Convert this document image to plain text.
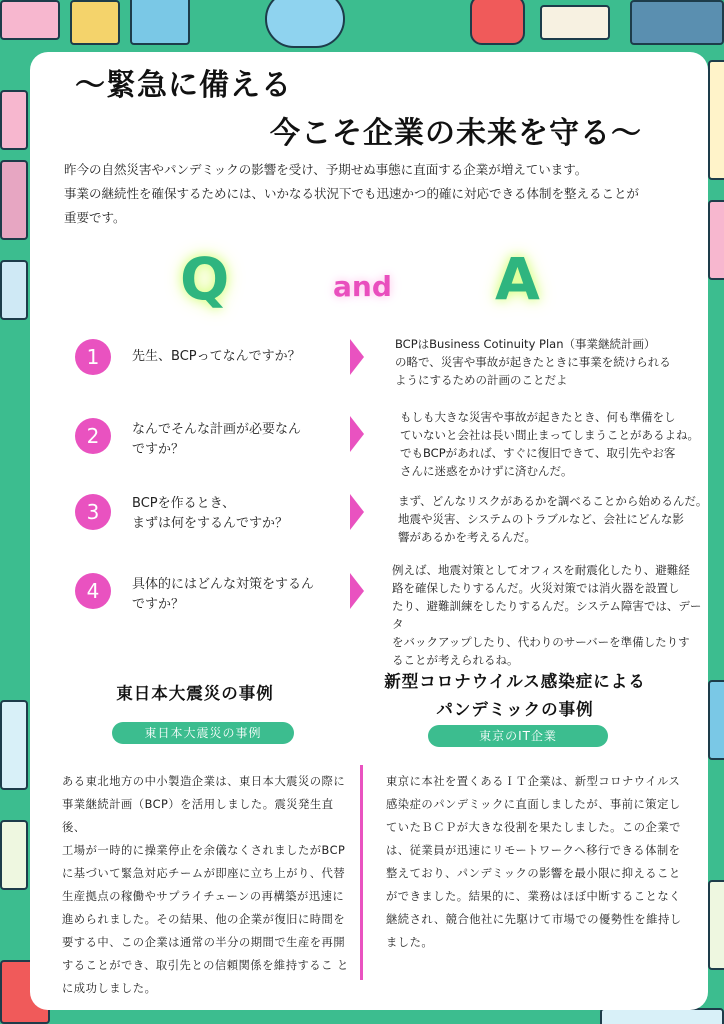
〜緊急に備える
今こそ企業の未来を守る〜
昨今の自然災害やパンデミックの影響を受け、予期せぬ事態に直面する企業が増えています。
事業の継続性を確保するためには、いかなる状況下でも迅速かつ的確に対応できる体制を整えることが
重要です。
Q	and A
1	先生、BCPってなんですか？
BCPはBusiness Cotinuity Plan（事業継続計画）
の略で、災害や事故が起きたときに事業を続けられる
ようにするための計画のことだよ
2	なんでそんな計画が必要なん
ですか？
もしも大きな災害や事故が起きたとき、何も準備をし
ていないと会社は長い間止まってしまうことがあるよね。
でもBCPがあれば、すぐに復旧できて、取引先やお客
さんに迷惑をかけずに済むんだ。
3	BCPを作るとき、
まずは何をするんですか？
まず、どんなリスクがあるかを調べることから始めるんだ。
地震や災害、システムのトラブルなど、会社にどんな影
響があるかを考えるんだ。
4	具体的にはどんな対策をするん
ですか？
例えば、地震対策としてオフィスを耐震化したり、避難経
路を確保したりするんだ。火災対策では消火器を設置し
たり、避難訓練をしたりするんだ。システム障害では、データ
をバックアップしたり、代わりのサーバーを準備したりす
ることが考えられるね。
東日本大震災の事例
東日本大震災の事例
新型コロナウイルス感染症による
パンデミックの事例
東京のIT企業
ある東北地方の中小製造企業は、東日本大震災の際に
事業継続計画（BCP）を活用しました。震災発生直後、
工場が一時的に操業停止を余儀なくされましたがBCP
に基づいて緊急対応チームが即座に立ち上がり、代替
生産拠点の稼働やサプライチェーンの再構築が迅速に
進められました。その結果、他の企業が復旧に時間を
要する中、この企業は通常の半分の期間で生産を再開
することができ、取引先との信頼関係を維持するこ と
に成功しました。
東京に本社を置くあるＩＴ企業は、新型コロナウイルス
感染症のパンデミックに直面しましたが、事前に策定し
ていたＢＣＰが大きな役割を果たしました。この企業で
は、従業員が迅速にリモートワークへ移行できる体制を
整えており、パンデミックの影響を最小限に抑えること
ができました。結果的に、業務はほぼ中断することなく
継続され、競合他社に先駆けて市場での優勢性を維持し
ました。
